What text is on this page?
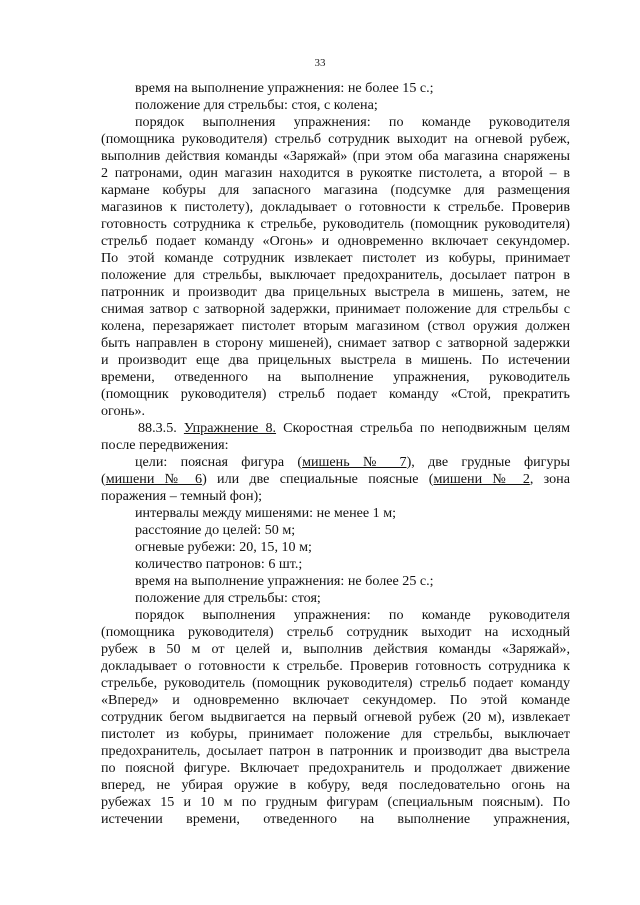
33
время на выполнение упражнения: не более 15 с.;
положение для стрельбы: стоя, с колена;
порядок выполнения упражнения: по команде руководителя
(помощника руководителя) стрельб сотрудник выходит на огневой рубеж,
выполнив действия команды «Заряжай» (при этом оба магазина снаряжены
2 патронами, один магазин находится в рукоятке пистолета, а второй – в
кармане кобуры для запасного магазина (подсумке для размещения
магазинов к пистолету), докладывает о готовности к стрельбе. Проверив
готовность сотрудника к стрельбе, руководитель (помощник руководителя)
стрельб подает команду «Огонь» и одновременно включает секундомер.
По этой команде сотрудник извлекает пистолет из кобуры, принимает
положение для стрельбы, выключает предохранитель, досылает патрон в
патронник и производит два прицельных выстрела в мишень, затем, не
снимая затвор с затворной задержки, принимает положение для стрельбы с
колена, перезаряжает пистолет вторым магазином (ствол оружия должен
быть направлен в сторону мишеней), снимает затвор с затворной задержки
и производит еще два прицельных выстрела в мишень. По истечении
времени, отведенного на выполнение упражнения, руководитель
(помощник руководителя) стрельб подает команду «Стой, прекратить
огонь».
88.3.5. Упражнение 8. Скоростная стрельба по неподвижным целям
после передвижения:
цели: поясная фигура (мишень № 7), две грудные фигуры
(мишени № 6) или две специальные поясные (мишени № 2, зона
поражения – темный фон);
интервалы между мишенями: не менее 1 м;
расстояние до целей: 50 м;
огневые рубежи: 20, 15, 10 м;
количество патронов: 6 шт.;
время на выполнение упражнения: не более 25 с.;
положение для стрельбы: стоя;
порядок выполнения упражнения: по команде руководителя
(помощника руководителя) стрельб сотрудник выходит на исходный
рубеж в 50 м от целей и, выполнив действия команды «Заряжай»,
докладывает о готовности к стрельбе. Проверив готовность сотрудника к
стрельбе, руководитель (помощник руководителя) стрельб подает команду
«Вперед» и одновременно включает секундомер. По этой команде
сотрудник бегом выдвигается на первый огневой рубеж (20 м), извлекает
пистолет из кобуры, принимает положение для стрельбы, выключает
предохранитель, досылает патрон в патронник и производит два выстрела
по поясной фигуре. Включает предохранитель и продолжает движение
вперед, не убирая оружие в кобуру, ведя последовательно огонь на
рубежах 15 и 10 м по грудным фигурам (специальным поясным). По
истечении времени, отведенного на выполнение упражнения,
